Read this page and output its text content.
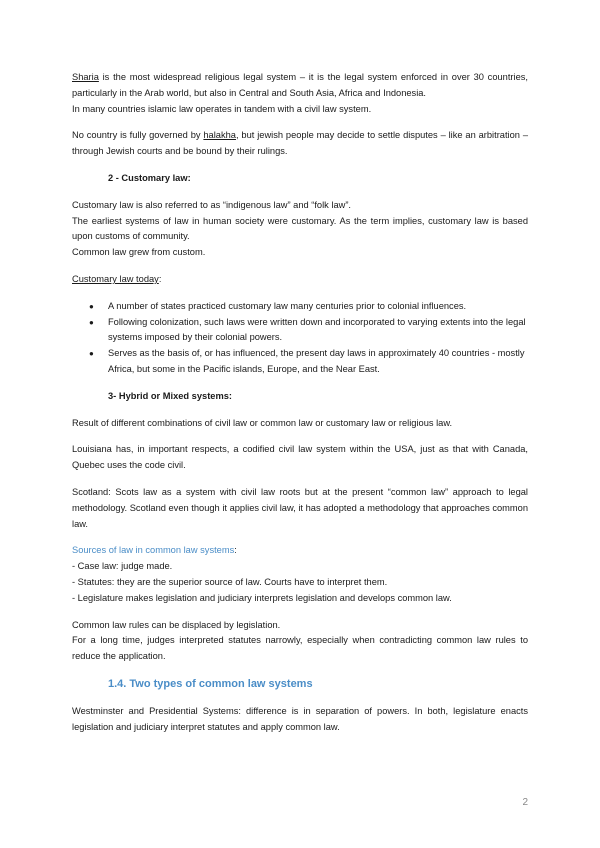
Sharia is the most widespread religious legal system – it is the legal system enforced in over 30 countries, particularly in the Arab world, but also in Central and South Asia, Africa and Indonesia.

In many countries islamic law operates in tandem with a civil law system.

No country is fully governed by halakha, but jewish people may decide to settle disputes – like an arbitration –through Jewish courts and be bound by their rulings.

2 - Customary law:

Customary law is also referred to as “indigenous law” and “folk law”.

The earliest systems of law in human society were customary. As the term implies, customary law is based upon customs of community.

Common law grew from custom.

Customary law today:

● A number of states practiced customary law many centuries prior to colonial influences.
● Following colonization, such laws were written down and incorporated to varying extents into the legal systems imposed by their colonial powers.
● Serves as the basis of, or has influenced, the present day laws in approximately 40 countries - mostly Africa, but some in the Pacific islands, Europe, and the Near East.

3- Hybrid or Mixed systems:

Result of different combinations of civil law or common law or customary law or religious law.

Louisiana has, in important respects, a codified civil law system within the USA, just as that with Canada, Quebec uses the code civil.

Scotland: Scots law as a system with civil law roots but at the present “common law” approach to legal methodology. Scotland even though it applies civil law, it has adopted a methodology that approaches common law.

Sources of law in common law systems:

- Case law: judge made.

- Statutes: they are the superior source of law. Courts have to interpret them.

- Legislature makes legislation and judiciary interprets legislation and develops common law.

Common law rules can be displaced by legislation.

For a long time, judges interpreted statutes narrowly, especially when contradicting common law rules to reduce the application.

1.4. Two types of common law systems

Westminster and Presidential Systems: difference is in separation of powers. In both, legislature enacts legislation and judiciary interpret statutes and apply common law.

2
